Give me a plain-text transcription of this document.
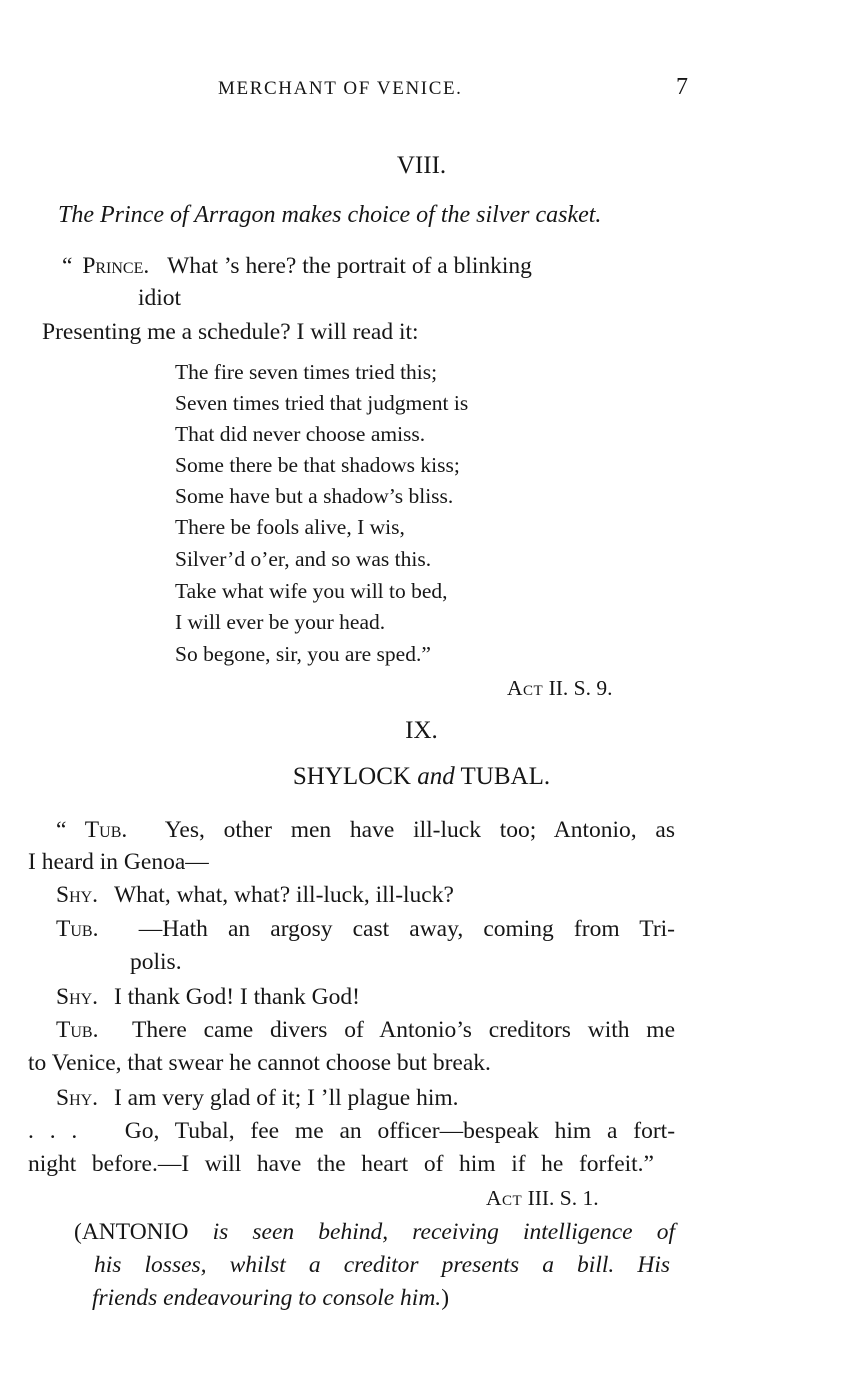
MERCHANT OF VENICE.	7
VIII.
The Prince of Arragon makes choice of the silver casket.
“ Prince. What ’s here? the portrait of a blinking
idiot
Presenting me a schedule? I will read it:
The fire seven times tried this;
Seven times tried that judgment is
That did never choose amiss.
Some there be that shadows kiss;
Some have but a shadow’s bliss.
There be fools alive, I wis,
Silver’d o’er, and so was this.
Take what wife you will to bed,
I will ever be your head.
So begone, sir, you are sped.”
Act II. S. 9.
IX.
SHYLOCK and TUBAL.
“ Tub. Yes, other men have ill-luck too; Antonio, as
I heard in Genoa—
Shy. What, what, what? ill-luck, ill-luck?
Tub. —Hath an argosy cast away, coming from Tri-
polis.
Shy. I thank God! I thank God!
Tub. There came divers of Antonio’s creditors with me
to Venice, that swear he cannot choose but break.
Shy. I am very glad of it; I ’ll plague him.
. . . Go, Tubal, fee me an officer—bespeak him a fort-
night before.—I will have the heart of him if he forfeit.”
Act III. S. 1.
(ANTONIO is seen behind, receiving intelligence of
his losses, whilst a creditor presents a bill. His
friends endeavouring to console him.)
